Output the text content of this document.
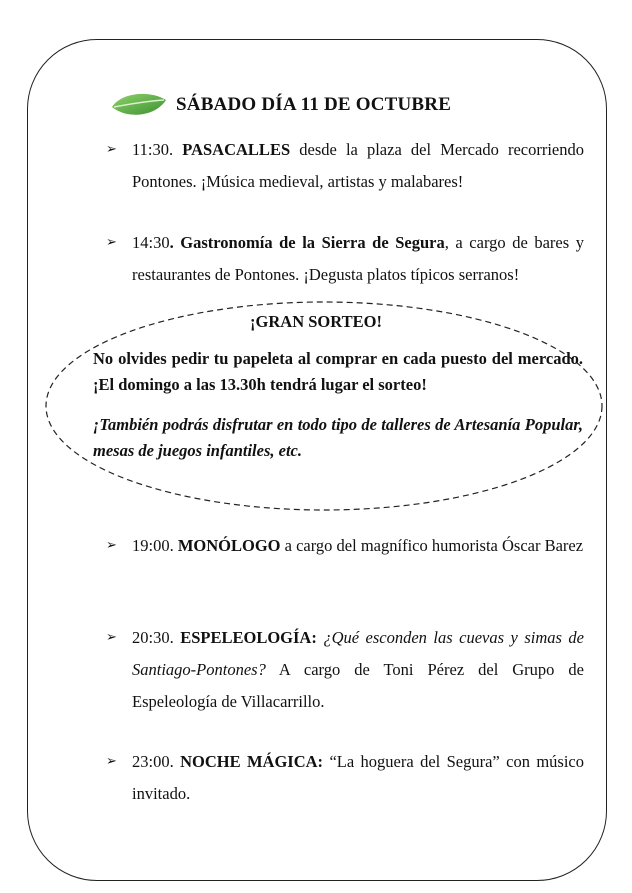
SÁBADO DÍA 11 DE OCTUBRE
➢ 11:30. PASACALLES desde la plaza del Mercado recorriendo Pontones. ¡Música medieval, artistas y malabares!
➢ 14:30. Gastronomía de la Sierra de Segura, a cargo de bares y restaurantes de Pontones. ¡Degusta platos típicos serranos!
¡GRAN SORTEO!
No olvides pedir tu papeleta al comprar en cada puesto del mercado. ¡El domingo a las 13.30h tendrá lugar el sorteo!
¡También podrás disfrutar en todo tipo de talleres de Artesanía Popular, mesas de juegos infantiles, etc.
➢ 19:00. MONÓLOGO a cargo del magnífico humorista Óscar Barez
➢ 20:30. ESPELEOLOGÍA: ¿Qué esconden las cuevas y simas de Santiago-Pontones? A cargo de Toni Pérez del Grupo de Espeleología de Villacarrillo.
➢ 23:00. NOCHE MÁGICA: “La hoguera del Segura” con músico invitado.
